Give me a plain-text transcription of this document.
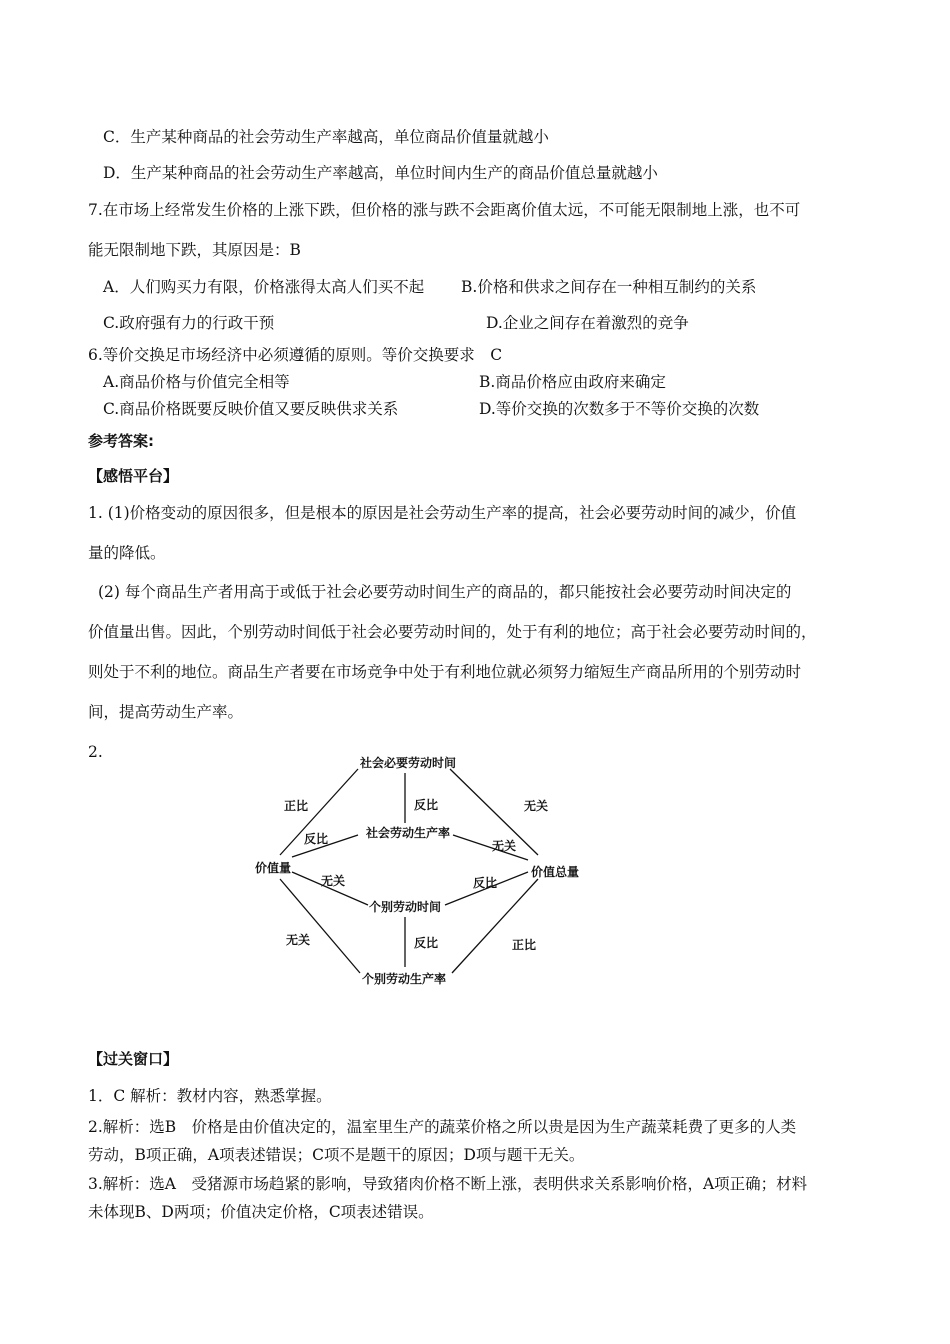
C．生产某种商品的社会劳动生产率越高，单位商品价值量就越小
D．生产某种商品的社会劳动生产率越高，单位时间内生产的商品价值总量就越小
7.在市场上经常发生价格的上涨下跌，但价格的涨与跌不会距离价值太远，不可能无限制地上涨，也不可
能无限制地下跌，其原因是：B
A．人们购买力有限，价格涨得太高人们买不起 B.价格和供求之间存在一种相互制约的关系
C.政府强有力的行政干预	D.企业之间存在着激烈的竞争
6.等价交换足市场经济中必须遵循的原则。等价交换要求　C
A.商品价格与价值完全相等	B.商品价格应由政府来确定
C.商品价格既要反映价值又要反映供求关系	D.等价交换的次数多于不等价交换的次数
参考答案:
【感悟平台】
1. (1)价格变动的原因很多，但是根本的原因是社会劳动生产率的提高，社会必要劳动时间的减少，价值
量的降低。
(2) 每个商品生产者用高于或低于社会必要劳动时间生产的商品的，都只能按社会必要劳动时间决定的
价值量出售。因此，个别劳动时间低于社会必要劳动时间的，处于有利的地位；高于社会必要劳动时间的，
则处于不利的地位。商品生产者要在市场竞争中处于有利地位就必须努力缩短生产商品所用的个别劳动时
间，提高劳动生产率。
2.
社会必要劳动时间
社会劳动生产率
价值量	价值总量
个别劳动时间
个别劳动生产率
正比	无关
反比
反比	无关
无关	反比
反比
无关	正比
【过关窗口】
1．C 解析：教材内容，熟悉掌握。
2.解析：选B　价格是由价值决定的，温室里生产的蔬菜价格之所以贵是因为生产蔬菜耗费了更多的人类
劳动，B项正确，A项表述错误；C项不是题干的原因；D项与题干无关。
3.解析：选A　受猪源市场趋紧的影响，导致猪肉价格不断上涨，表明供求关系影响价格，A项正确；材料
未体现B、D两项；价值决定价格，C项表述错误。
